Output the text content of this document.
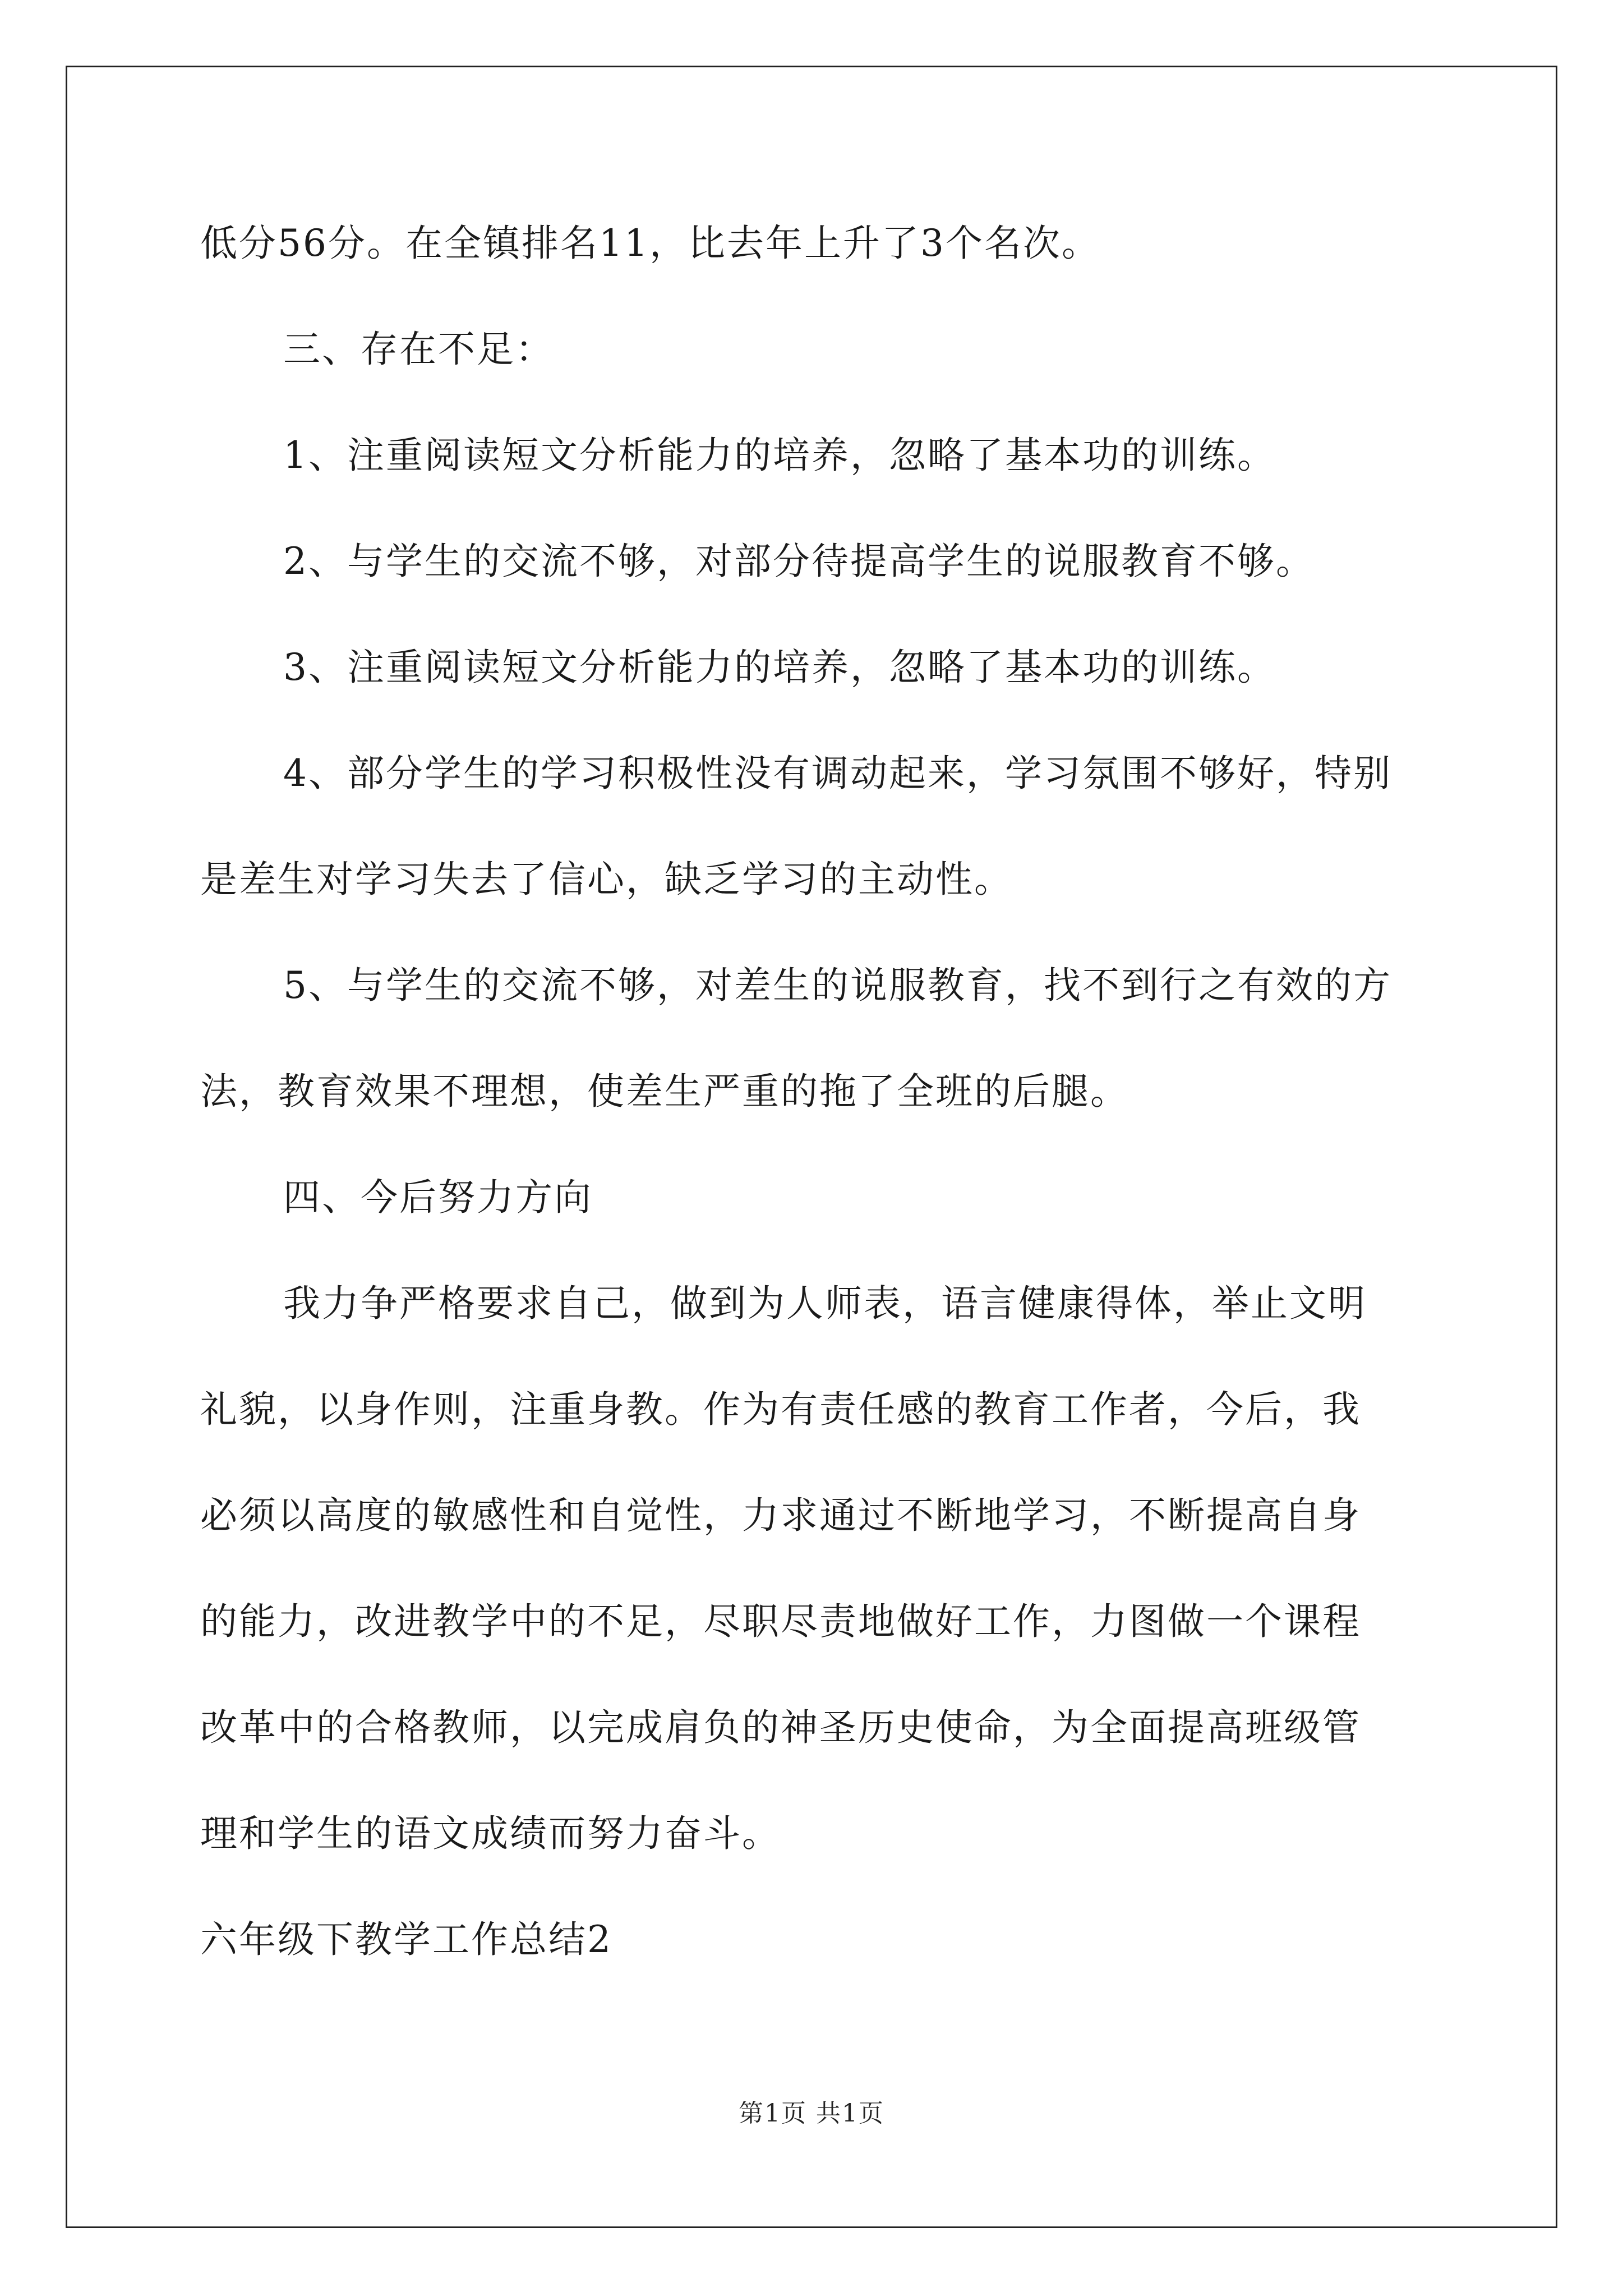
低分56分。在全镇排名11，比去年上升了3个名次。
三、存在不足：
1、注重阅读短文分析能力的培养，忽略了基本功的训练。
2、与学生的交流不够，对部分待提高学生的说服教育不够。
3、注重阅读短文分析能力的培养，忽略了基本功的训练。
4、部分学生的学习积极性没有调动起来，学习氛围不够好，特别
是差生对学习失去了信心，缺乏学习的主动性。
5、与学生的交流不够，对差生的说服教育，找不到行之有效的方
法，教育效果不理想，使差生严重的拖了全班的后腿。
四、今后努力方向
我力争严格要求自己，做到为人师表，语言健康得体，举止文明
礼貌，以身作则，注重身教。作为有责任感的教育工作者，今后，我
必须以高度的敏感性和自觉性，力求通过不断地学习，不断提高自身
的能力，改进教学中的不足，尽职尽责地做好工作，力图做一个课程
改革中的合格教师，以完成肩负的神圣历史使命，为全面提高班级管
理和学生的语文成绩而努力奋斗。
六年级下教学工作总结2
第1页 共1页
